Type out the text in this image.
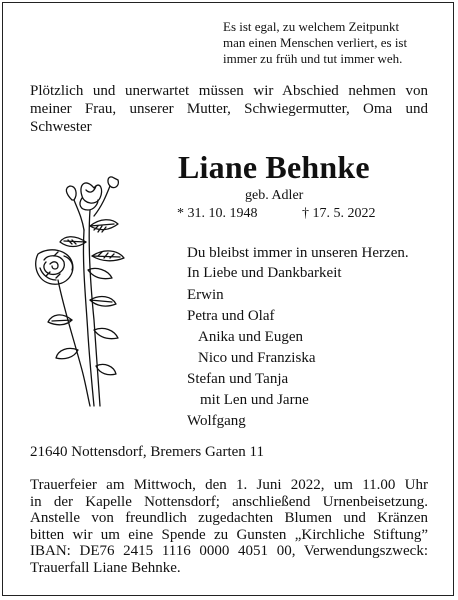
Es ist egal, zu welchem Zeitpunkt
man einen Menschen verliert, es ist
immer zu früh und tut immer weh.
Plötzlich und unerwartet müssen wir Abschied nehmen von
meiner Frau, unserer Mutter, Schwiegermutter, Oma und
Schwester
Liane Behnke
geb. Adler
* 31. 10. 1948	† 17. 5. 2022
Du bleibst immer in unseren Herzen.
In Liebe und Dankbarkeit
Erwin
Petra und Olaf
Anika und Eugen
Nico und Franziska
Stefan und Tanja
mit Len und Jarne
Wolfgang
21640 Nottensdorf, Bremers Garten 11
Trauerfeier am Mittwoch, den 1. Juni 2022, um 11.00 Uhr
in der Kapelle Nottensdorf; anschließend Urnenbeisetzung.
Anstelle von freundlich zugedachten Blumen und Kränzen
bitten wir um eine Spende zu Gunsten „Kirchliche Stiftung”
IBAN: DE76 2415 1116 0000 4051 00, Verwendungszweck:
Trauerfall Liane Behnke.
